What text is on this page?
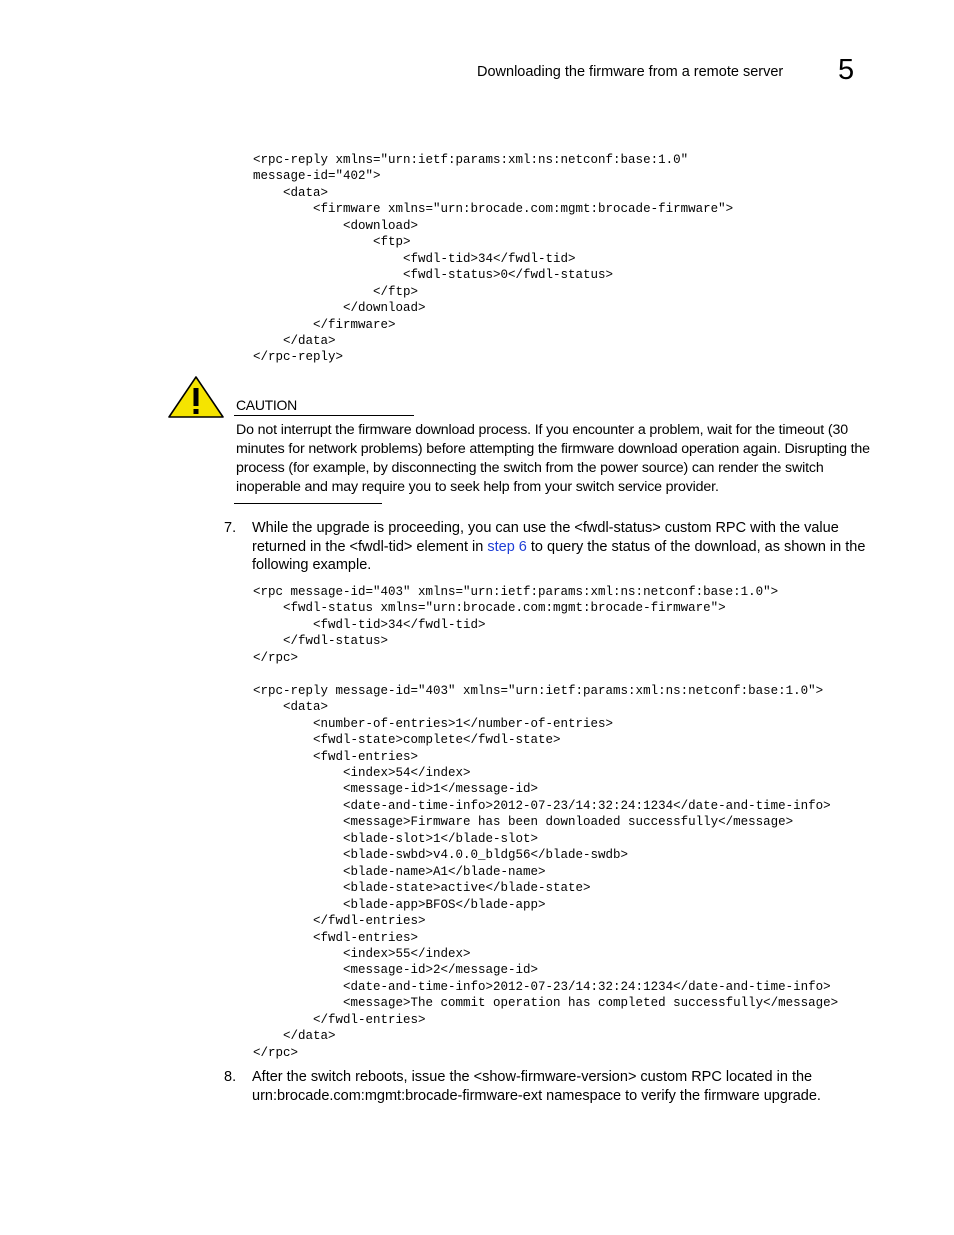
Downloading the firmware from a remote server 5
<rpc-reply xmlns="urn:ietf:params:xml:ns:netconf:base:1.0"
message-id="402">
<data>
<firmware xmlns="urn:brocade.com:mgmt:brocade-firmware">
<download>
<ftp>
<fwdl-tid>34</fwdl-tid>
<fwdl-status>0</fwdl-status>
</ftp>
</download>
</firmware>
</data>
</rpc-reply>
CAUTION
Do not interrupt the firmware download process. If you encounter a problem, wait for the timeout (30 minutes for network problems) before attempting the firmware download operation again. Disrupting the process (for example, by disconnecting the switch from the power source) can render the switch inoperable and may require you to seek help from your switch service provider.
7. While the upgrade is proceeding, you can use the <fwdl-status> custom RPC with the value returned in the <fwdl-tid> element in step 6 to query the status of the download, as shown in the following example.
<rpc message-id="403" xmlns="urn:ietf:params:xml:ns:netconf:base:1.0">
<fwdl-status xmlns="urn:brocade.com:mgmt:brocade-firmware">
<fwdl-tid>34</fwdl-tid>
</fwdl-status>
</rpc>

<rpc-reply message-id="403" xmlns="urn:ietf:params:xml:ns:netconf:base:1.0">
<data>
<number-of-entries>1</number-of-entries>
<fwdl-state>complete</fwdl-state>
<fwdl-entries>
<index>54</index>
<message-id>1</message-id>
<date-and-time-info>2012-07-23/14:32:24:1234</date-and-time-info>
<message>Firmware has been downloaded successfully</message>
<blade-slot>1</blade-slot>
<blade-swbd>v4.0.0_bldg56</blade-swdb>
<blade-name>A1</blade-name>
<blade-state>active</blade-state>
<blade-app>BFOS</blade-app>
</fwdl-entries>
<fwdl-entries>
<index>55</index>
<message-id>2</message-id>
<date-and-time-info>2012-07-23/14:32:24:1234</date-and-time-info>
<message>The commit operation has completed successfully</message>
</fwdl-entries>
</data>
</rpc>
8. After the switch reboots, issue the <show-firmware-version> custom RPC located in the urn:brocade.com:mgmt:brocade-firmware-ext namespace to verify the firmware upgrade.
